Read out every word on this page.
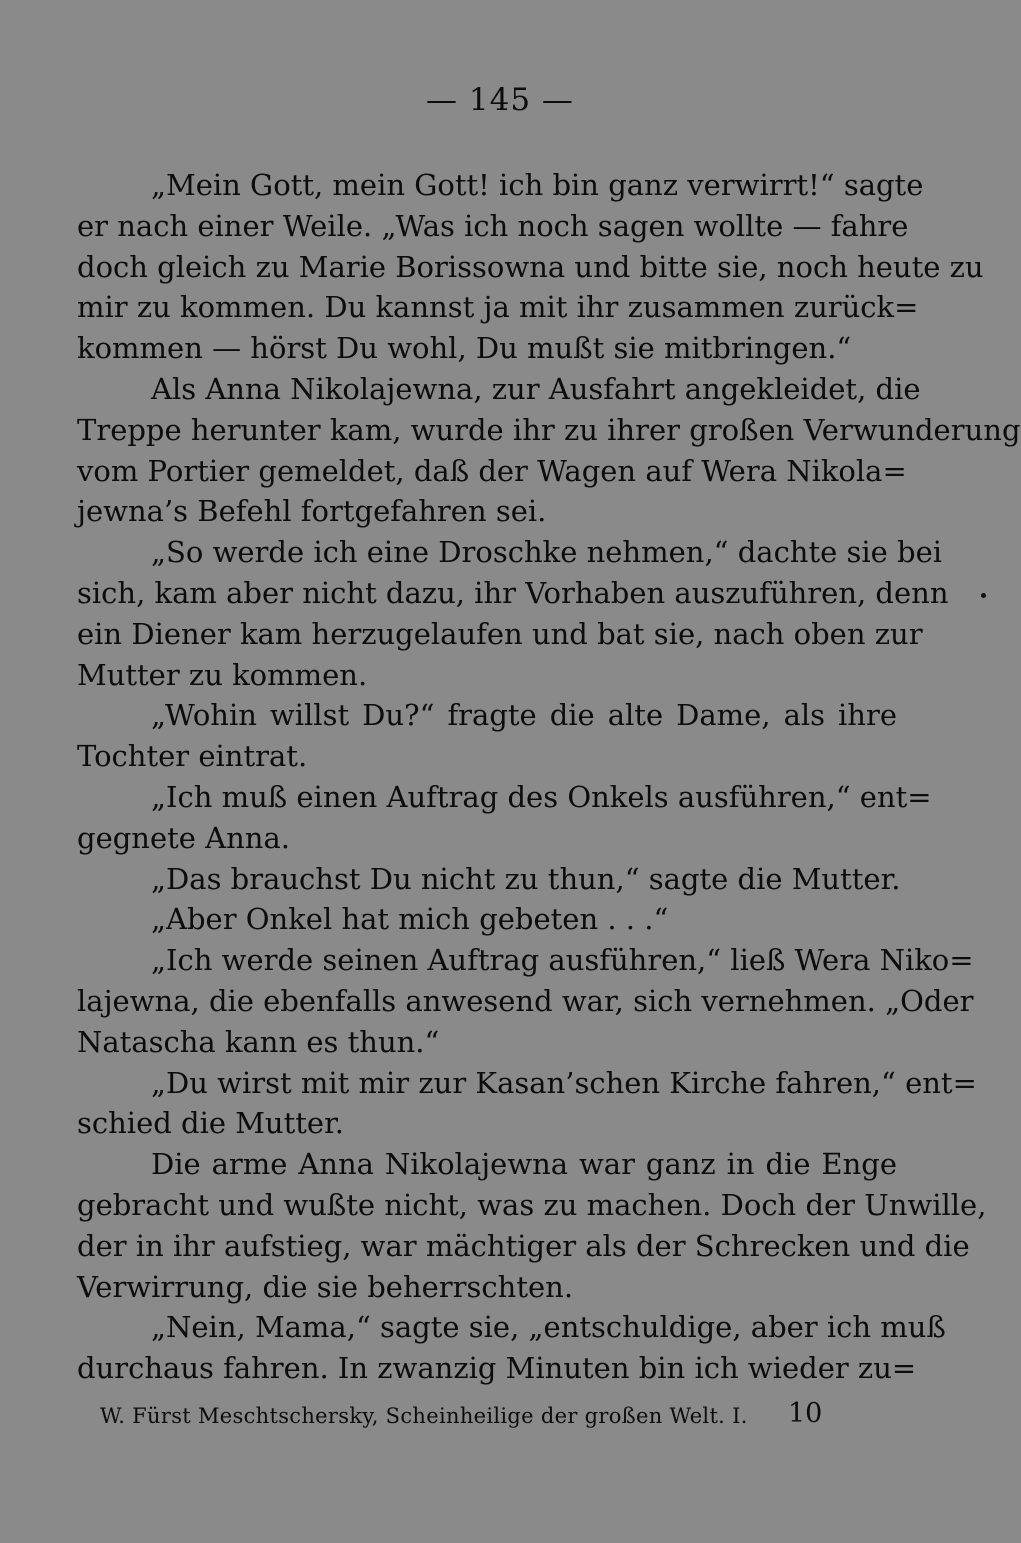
— 145 —
„Mein Gott, mein Gott! ich bin ganz verwirrt!“ sagte
er nach einer Weile. „Was ich noch sagen wollte — fahre
doch gleich zu Marie Borissowna und bitte sie, noch heute zu
mir zu kommen. Du kannst ja mit ihr zusammen zurück=
kommen — hörst Du wohl, Du mußt sie mitbringen.“
Als Anna Nikolajewna, zur Ausfahrt angekleidet, die
Treppe herunter kam, wurde ihr zu ihrer großen Verwunderung
vom Portier gemeldet, daß der Wagen auf Wera Nikola=
jewna’s Befehl fortgefahren sei.
„So werde ich eine Droschke nehmen,“ dachte sie bei
sich, kam aber nicht dazu, ihr Vorhaben auszuführen, denn
ein Diener kam herzugelaufen und bat sie, nach oben zur
Mutter zu kommen.
„Wohin willst Du?“ fragte die alte Dame, als ihre
Tochter eintrat.
„Ich muß einen Auftrag des Onkels ausführen,“ ent=
gegnete Anna.
„Das brauchst Du nicht zu thun,“ sagte die Mutter.
„Aber Onkel hat mich gebeten . . .“
„Ich werde seinen Auftrag ausführen,“ ließ Wera Niko=
lajewna, die ebenfalls anwesend war, sich vernehmen. „Oder
Natascha kann es thun.“
„Du wirst mit mir zur Kasan’schen Kirche fahren,“ ent=
schied die Mutter.
Die arme Anna Nikolajewna war ganz in die Enge
gebracht und wußte nicht, was zu machen. Doch der Unwille,
der in ihr aufstieg, war mächtiger als der Schrecken und die
Verwirrung, die sie beherrschten.
„Nein, Mama,“ sagte sie, „entschuldige, aber ich muß
durchaus fahren. In zwanzig Minuten bin ich wieder zu=
W. Fürst Meschtschersky, Scheinheilige der großen Welt. I. 10
